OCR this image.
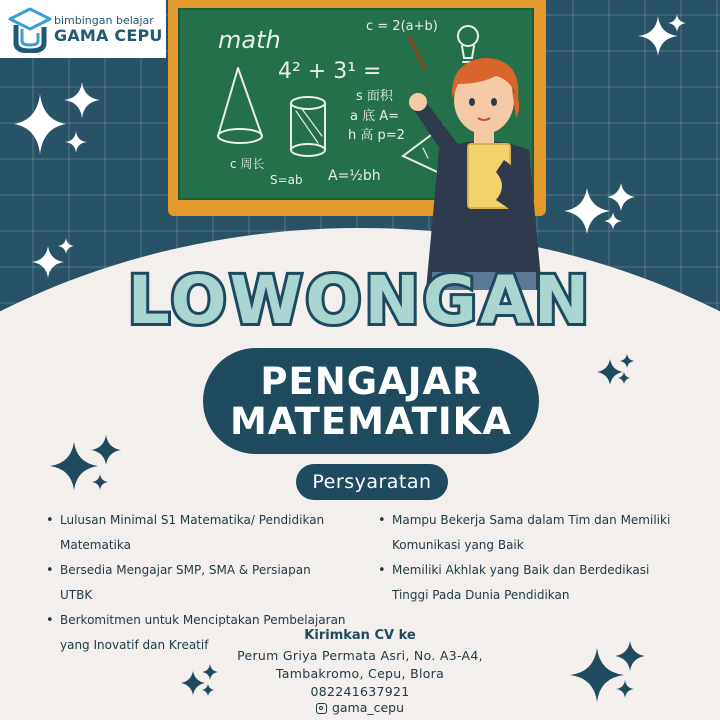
math	c = 2(a+b)
4² + 3¹ =
s 面积
a 底 A=
h 高 p=2
c 周长
S=ab A=½bh
bimbingan belajar
GAMA CEPU
LOWONGAN
PENGAJAR
MATEMATIKA
Persyaratan
• Lulusan Minimal S1 Matematika/ Pendidikan Matematika
• Bersedia Mengajar SMP, SMA & Persiapan UTBK
• Berkomitmen untuk Menciptakan Pembelajaran yang Inovatif dan Kreatif
• Mampu Bekerja Sama dalam Tim dan Memiliki Komunikasi yang Baik
• Memiliki Akhlak yang Baik dan Berdedikasi Tinggi Pada Dunia Pendidikan
Kirimkan CV ke
Perum Griya Permata Asri, No. A3-A4,
Tambakromo, Cepu, Blora
082241637921
gama_cepu
